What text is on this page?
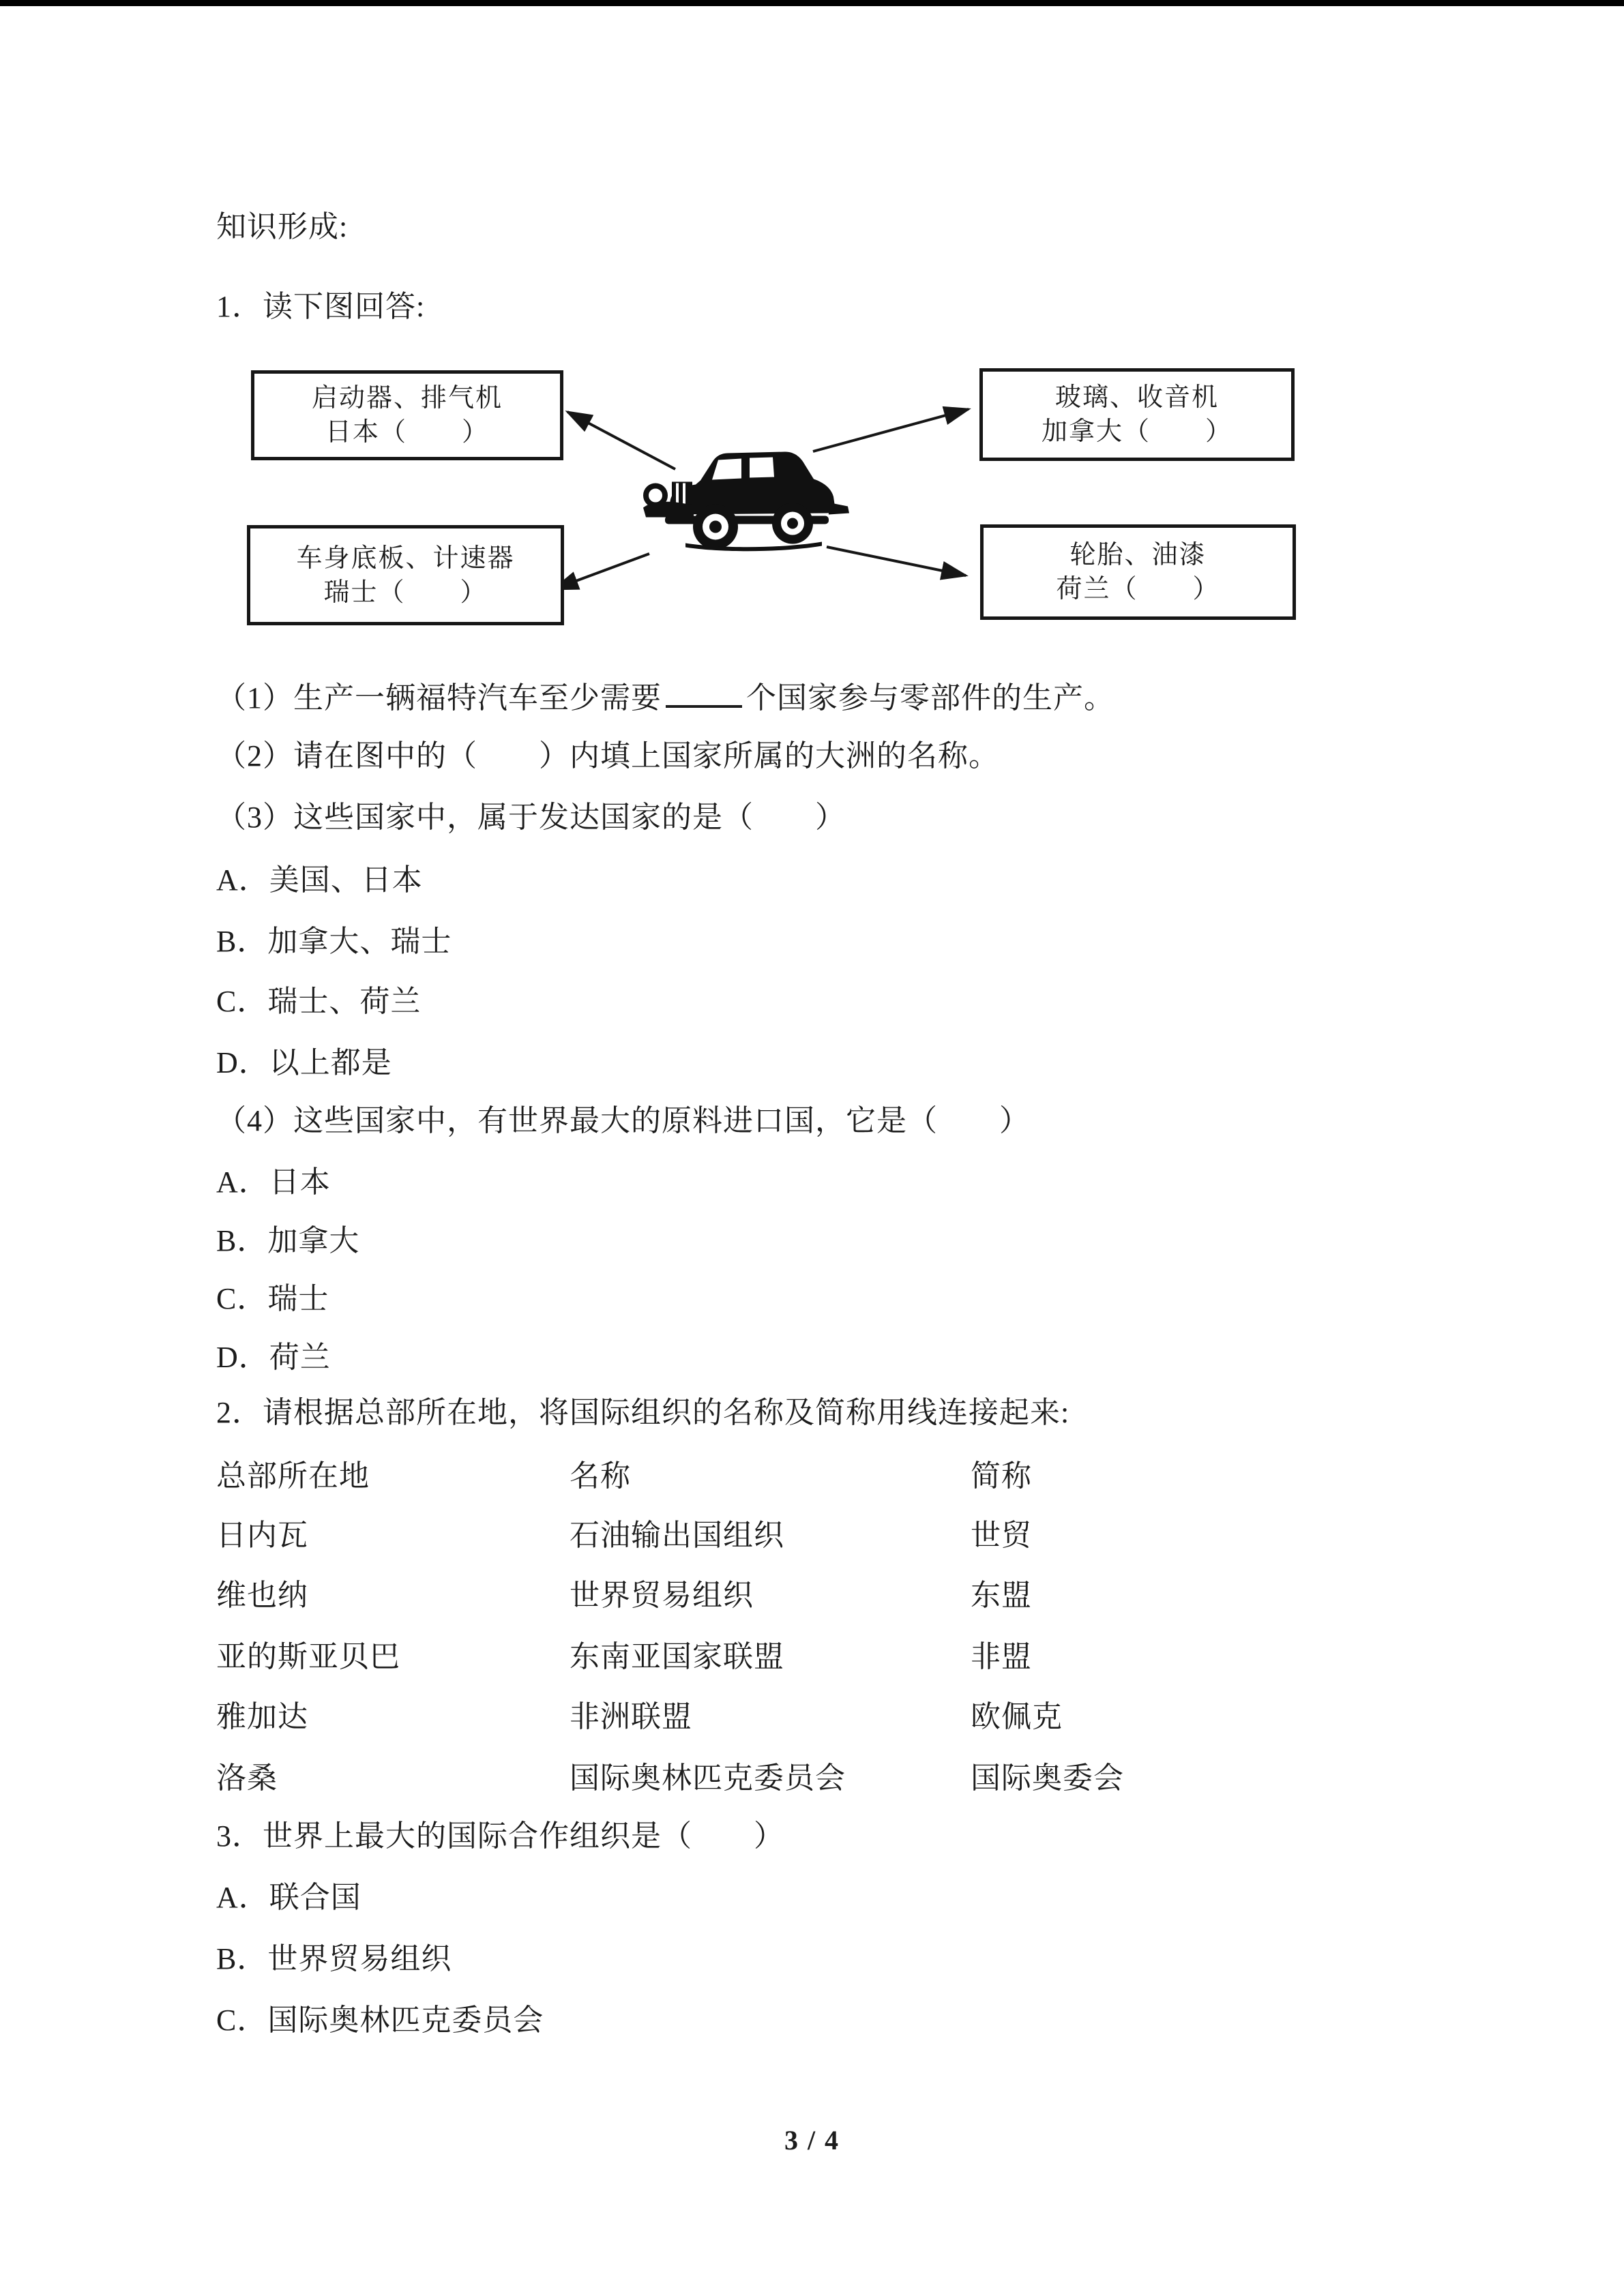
知识形成:
1．读下图回答:
启动器、排气机
日本（　　）
玻璃、收音机
加拿大（　　）
车身底板、计速器
瑞士（　　）
轮胎、油漆
荷兰（　　）
（1）生产一辆福特汽车至少需要	个国家参与零部件的生产。
（2）请在图中的（　　）内填上国家所属的大洲的名称。
（3）这些国家中，属于发达国家的是（　　）
A．美国、日本
B．加拿大、瑞士
C．瑞士、荷兰
D．以上都是
（4）这些国家中，有世界最大的原料进口国，它是（　　）
A．日本
B．加拿大
C．瑞士
D．荷兰
2．请根据总部所在地，将国际组织的名称及简称用线连接起来:
总部所在地	名称	简称
日内瓦	石油输出国组织	世贸
维也纳	世界贸易组织	东盟
亚的斯亚贝巴	东南亚国家联盟	非盟
雅加达	非洲联盟	欧佩克
洛桑	国际奥林匹克委员会	国际奥委会
3．世界上最大的国际合作组织是（　　）
A．联合国
B．世界贸易组织
C．国际奥林匹克委员会
3 / 4
